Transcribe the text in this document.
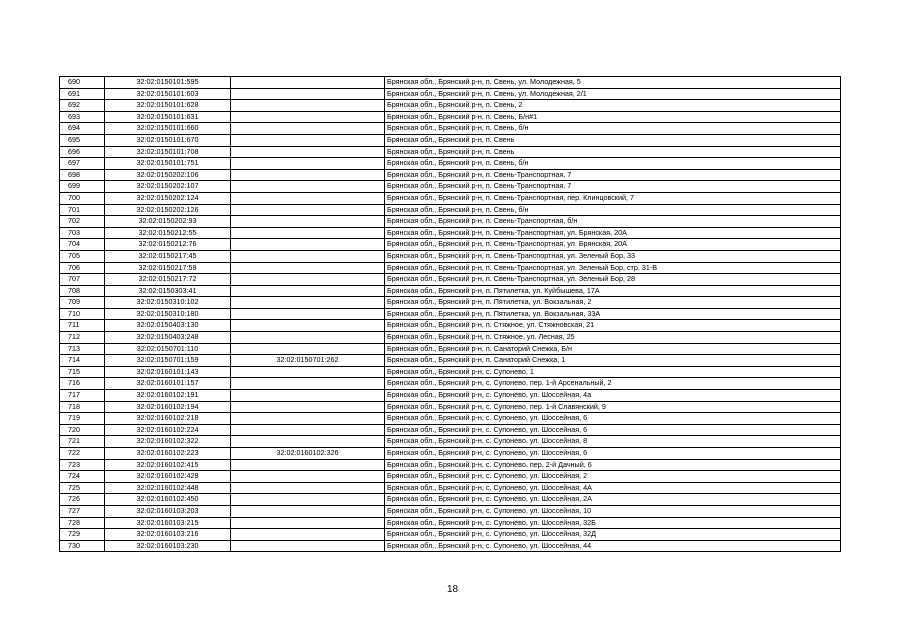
690	32:02:0150101:595		Брянская обл., Брянский р-н, п. Свень, ул. Молодежная, 5
691	32:02:0150101:603		Брянская обл., Брянский р-н, п. Свень, ул. Молодежная, 2/1
692	32:02:0150101:628		Брянская обл., Брянский р-н, п. Свень, 2
693	32:02:0150101:631		Брянская обл., Брянский р-н, п. Свень, Б/н#1
694	32:02:0150101:660		Брянская обл., Брянский р-н, п. Свень, б/н
695	32:02:0150101:670		Брянская обл., Брянский р-н, п. Свень
696	32:02:0150101:708		Брянская обл., Брянский р-н, п. Свень
697	32:02:0150101:751		Брянская обл., Брянский р-н, п. Свень, б/н
698	32:02:0150202:106		Брянская обл., Брянский р-н, п. Свень-Транспортная, 7
699	32:02:0150202:107		Брянская обл., Брянский р-н, п. Свень-Транспортная, 7
700	32:02:0150202:124		Брянская обл., Брянский р-н, п. Свень-Транспортная, пер. Клинцовский, 7
701	32:02:0150202:126		Брянская обл., Брянский р-н, п. Свень, б/н
702	32:02:0150202:93		Брянская обл., Брянский р-н, п. Свень-Транспортная, б/н
703	32:02:0150212:55		Брянская обл., Брянский р-н, п. Свень-Транспортная, ул. Брянская, 20А
704	32:02:0150212:76		Брянская обл., Брянский р-н, п. Свень-Транспортная, ул. Брянская, 20А
705	32:02:0150217:45		Брянская обл., Брянский р-н, п. Свень-Транспортная, ул. Зеленый Бор, 33
706	32:02:0150217:59		Брянская обл., Брянский р-н, п. Свень-Транспортная, ул. Зеленый Бор, стр. 31-В
707	32:02:0150217:72		Брянская обл., Брянский р-н, п. Свень-Транспортная, ул. Зеленый Бор, 28
708	32:02:0150303:41		Брянская обл., Брянский р-н, п. Пятилетка, ул. Куйбышева, 17А
709	32:02:0150310:102		Брянская обл., Брянский р-н, п. Пятилетка, ул. Вокзальная, 2
710	32:02:0150310:180		Брянская обл., Брянский р-н, п. Пятилетка, ул. Вокзальная, 33А
711	32:02:0150403:130		Брянская обл., Брянский р-н, п. Стяжное, ул. Стяжновская, 21
712	32:02:0150403:248		Брянская обл., Брянский р-н, п. Стяжное, ул. Лесная, 25
713	32:02:0150701:110		Брянская обл., Брянский р-н, п. Санаторий Снежка, Б/н
714	32:02:0150701:159	32:02:0150701:262	Брянская обл., Брянский р-н, п. Санаторий Снежка, 1
715	32:02:0160101:143		Брянская обл., Брянский р-н, с. Супонево, 1
716	32:02:0160101:157		Брянская обл., Брянский р-н, с. Супонево, пер. 1-й Арсенальный, 2
717	32:02:0160102:191		Брянская обл., Брянский р-н, с. Супонево, ул. Шоссейная, 4а
718	32:02:0160102:194		Брянская обл., Брянский р-н, с. Супонево, пер. 1-й Славянский, 9
719	32:02:0160102:218		Брянская обл., Брянский р-н, с. Супонево, ул. Шоссейная, 6
720	32:02:0160102:224		Брянская обл., Брянский р-н, с. Супонево, ул. Шоссейная, 6
721	32:02:0160102:322		Брянская обл., Брянский р-н, с. Супонево, ул. Шоссейная, 8
722	32:02:0160102:223	32:02:0160102:326	Брянская обл., Брянский р-н, с. Супонево, ул. Шоссейная, 6
723	32:02:0160102:415		Брянская обл., Брянский р-н, с. Супонево, пер. 2-й Дачный, 6
724	32:02:0160102:428		Брянская обл., Брянский р-н, с. Супонево, ул. Шоссейная, 2
725	32:02:0160102:448		Брянская обл., Брянский р-н, с. Супонево, ул. Шоссейная, 4А
726	32:02:0160102:450		Брянская обл., Брянский р-н, с. Супонево, ул. Шоссейная, 2А
727	32:02:0160103:203		Брянская обл., Брянский р-н, с. Супонево, ул. Шоссейная, 10
728	32:02:0160103:215		Брянская обл., Брянский р-н, с. Супонево, ул. Шоссейная, 32Б
729	32:02:0160103:216		Брянская обл., Брянский р-н, с. Супонево, ул. Шоссейная, 32Д
730	32:02:0160103:230		Брянская обл., Брянский р-н, с. Супонево, ул. Шоссейная, 44
18
